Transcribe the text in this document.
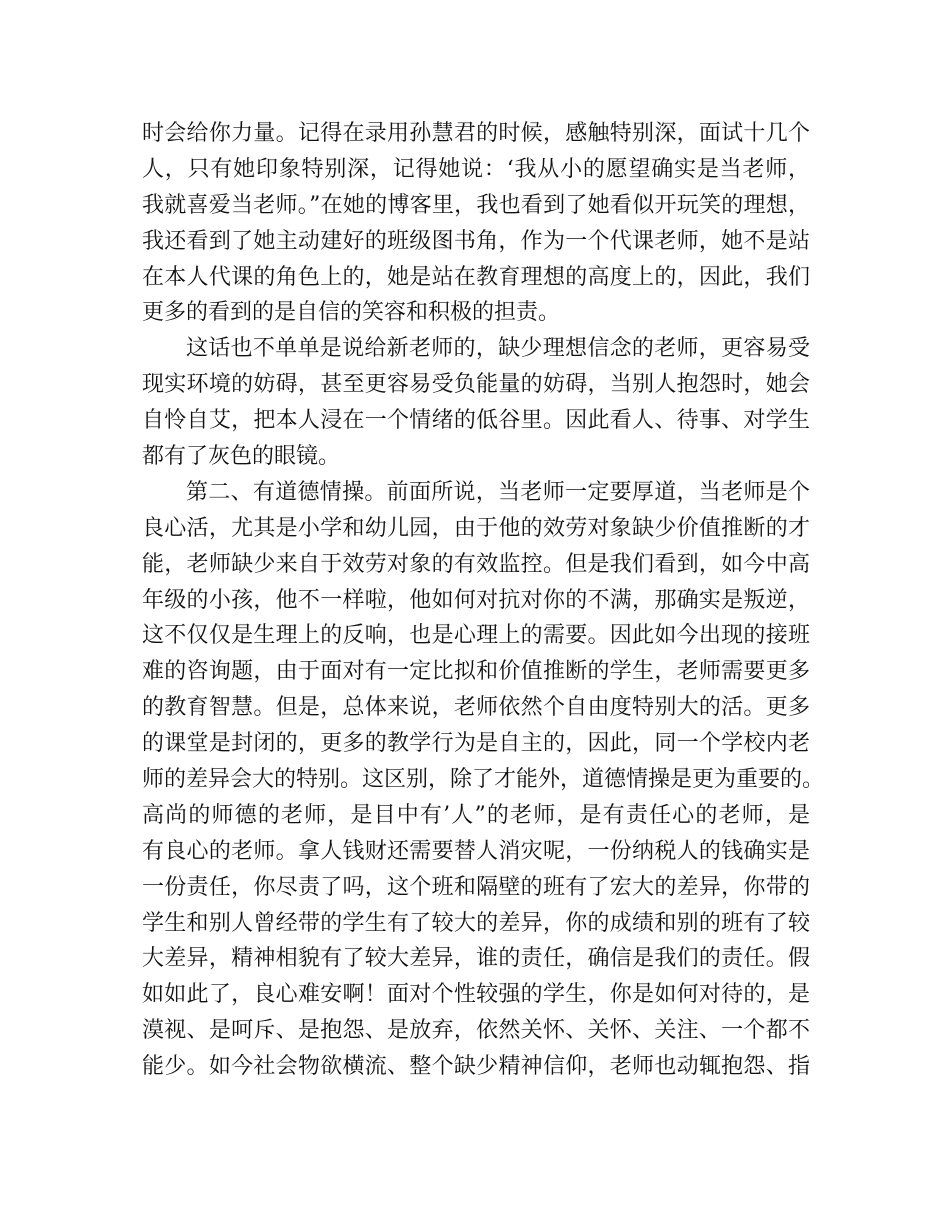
时会给你力量。记得在录用孙慧君的时候，感触特别深，面试十几个
人，只有她印象特别深，记得她说：‘我从小的愿望确实是当老师，
我就喜爱当老师。”在她的博客里，我也看到了她看似开玩笑的理想，
我还看到了她主动建好的班级图书角，作为一个代课老师，她不是站
在本人代课的角色上的，她是站在教育理想的高度上的，因此，我们
更多的看到的是自信的笑容和积极的担责。
这话也不单单是说给新老师的，缺少理想信念的老师，更容易受
现实环境的妨碍，甚至更容易受负能量的妨碍，当别人抱怨时，她会
自怜自艾，把本人浸在一个情绪的低谷里。因此看人、待事、对学生
都有了灰色的眼镜。
第二、有道德情操。前面所说，当老师一定要厚道，当老师是个
良心活，尤其是小学和幼儿园，由于他的效劳对象缺少价值推断的才
能，老师缺少来自于效劳对象的有效监控。但是我们看到，如今中高
年级的小孩，他不一样啦，他如何对抗对你的不满，那确实是叛逆，
这不仅仅是生理上的反响，也是心理上的需要。因此如今出现的接班
难的咨询题，由于面对有一定比拟和价值推断的学生，老师需要更多
的教育智慧。但是，总体来说，老师依然个自由度特别大的活。更多
的课堂是封闭的，更多的教学行为是自主的，因此，同一个学校内老
师的差异会大的特别。这区别，除了才能外，道德情操是更为重要的。
高尚的师德的老师，是目中有’人”的老师，是有责任心的老师，是
有良心的老师。拿人钱财还需要替人消灾呢，一份纳税人的钱确实是
一份责任，你尽责了吗，这个班和隔壁的班有了宏大的差异，你带的
学生和别人曾经带的学生有了较大的差异，你的成绩和别的班有了较
大差异，精神相貌有了较大差异，谁的责任，确信是我们的责任。假
如如此了，良心难安啊！面对个性较强的学生，你是如何对待的，是
漠视、是呵斥、是抱怨、是放弃，依然关怀、关怀、关注、一个都不
能少。如今社会物欲横流、整个缺少精神信仰，老师也动辄抱怨、指
